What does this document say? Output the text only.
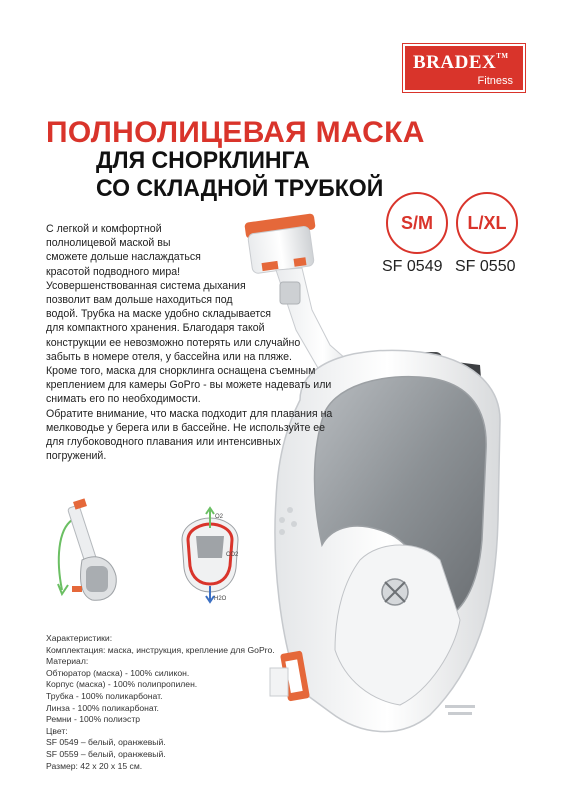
BRADEX™
Fitness
ПОЛНОЛИЦЕВАЯ МАСКА
ДЛЯ СНОРКЛИНГА
СО СКЛАДНОЙ ТРУБКОЙ
S/M	L/XL
SF 0549 SF 0550
С легкой и комфортной
полнолицевой маской вы
сможете дольше наслаждаться
красотой подводного мира!
Усовершенствованная система дыхания
позволит вам дольше находиться под
водой. Трубка на маске удобно складывается
для компактного хранения. Благодаря такой
конструкции ее невозможно потерять или случайно
забыть в номере отеля, у бассейна или на пляже.
Кроме того, маска для снорклинга оснащена съемным
креплением для камеры GoPro - вы можете надевать или
снимать его по необходимости.
Обратите внимание, что маска подходит для плавания на
мелководье у берега или в бассейне. Не используйте ее
для глубоководного плавания или интенсивных
погружений.
O2
CO2
H2O
Характеристики:
Комплектация: маска, инструкция, крепление для GoPro.
Материал:
Обтюратор (маска) - 100% силикон.
Корпус (маска) - 100% полипропилен.
Трубка - 100% поликарбонат.
Линза - 100% поликарбонат.
Ремни - 100% полиэстр
Цвет:
SF 0549 – белый, оранжевый.
SF 0559 – белый, оранжевый.
Размер: 42 x 20 x 15 см.
